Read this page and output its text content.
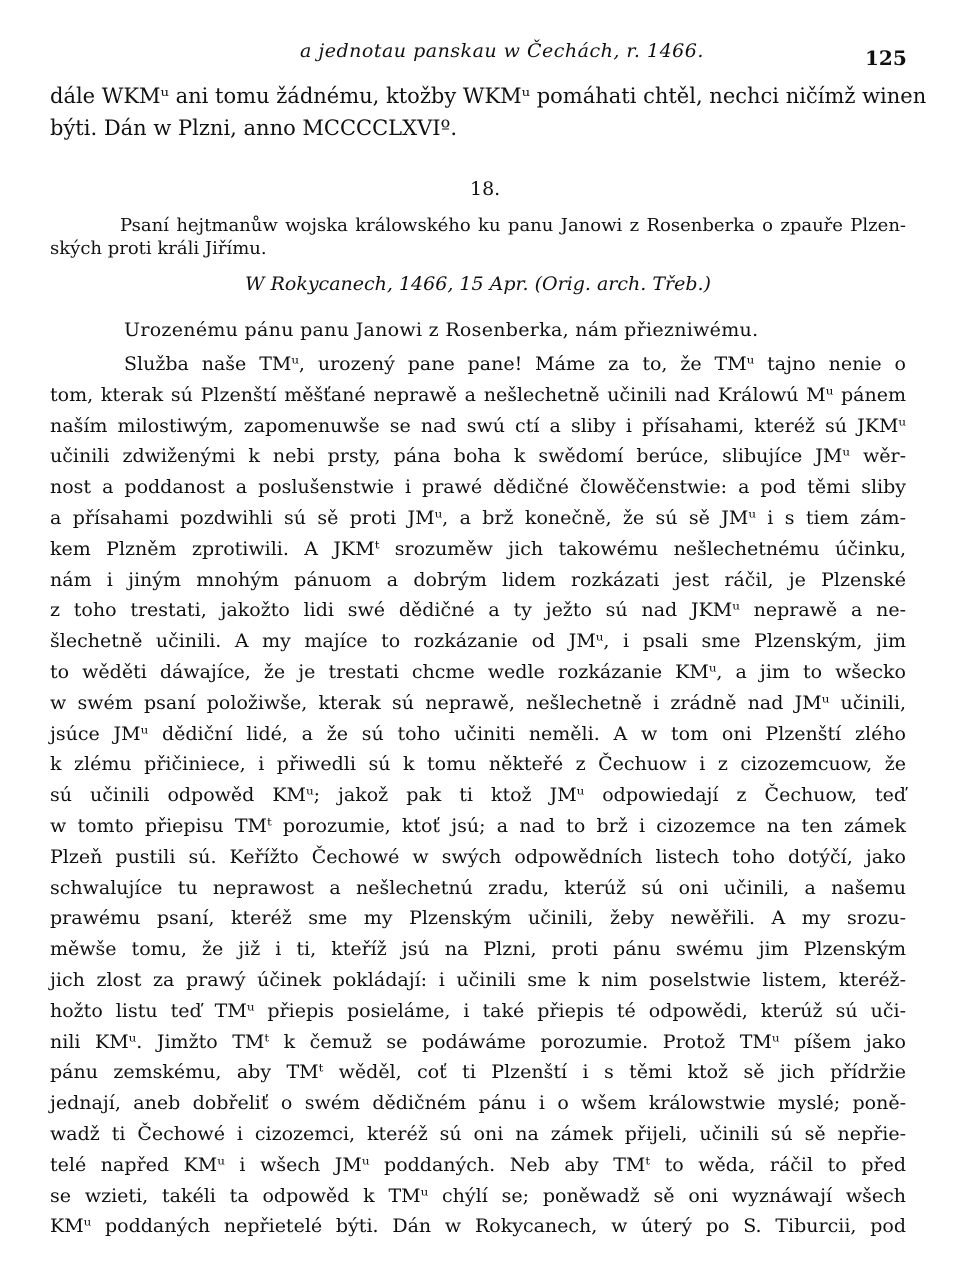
a jednotau panskau w Čechách, r. 1466.	125
dále WKMᵘ ani tomu žádnému, ktožby WKMᵘ pomáhati chtěl, nechci ničímž winen
býti. Dán w Plzni, anno MCCCCLXVIº.
18.
Psaní hejtmanůw wojska králowského ku panu Janowi z Rosenberka o zpauře Plzen-
ských proti králi Jiřímu.
W Rokycanech, 1466, 15 Apr. (Orig. arch. Třeb.)
Urozenému pánu panu Janowi z Rosenberka, nám přiezniwému.
Služba naše TMᵘ, urozený pane pane! Máme za to, že TMᵘ tajno nenie o
tom, kterak sú Plzenští měšťané neprawě a nešlechetně učinili nad Králowú Mᵘ pánem
naším milostiwým, zapomenuwše se nad swú ctí a sliby i přísahami, kteréž sú JKMᵘ
učinili zdwiženými k nebi prsty, pána boha k swědomí berúce, slibujíce JMᵘ wěr-
nost a poddanost a poslušenstwie i prawé dědičné člowěčenstwie: a pod těmi sliby
a přísahami pozdwihli sú sě proti JMᵘ, a brž konečně, že sú sě JMᵘ i s tiem zám-
kem Plzněm zprotiwili. A JKMᵗ srozuměw jich takowému nešlechetnému účinku,
nám i jiným mnohým pánuom a dobrým lidem rozkázati jest ráčil, je Plzenské
z toho trestati, jakožto lidi swé dědičné a ty ježto sú nad JKMᵘ neprawě a ne-
šlechetně učinili. A my majíce to rozkázanie od JMᵘ, i psali sme Plzenským, jim
to wěděti dáwajíce, že je trestati chcme wedle rozkázanie KMᵘ, a jim to wšecko
w swém psaní položiwše, kterak sú neprawě, nešlechetně i zrádně nad JMᵘ učinili,
jsúce JMᵘ dědiční lidé, a že sú toho učiniti neměli. A w tom oni Plzenští zlého
k zlému přičiniece, i přiwedli sú k tomu někteřé z Čechuow i z cizozemcuow, že
sú učinili odpowěd KMᵘ; jakož pak ti ktož JMᵘ odpowiedají z Čechuow, teď
w tomto přiepisu TMᵗ porozumie, ktoť jsú; a nad to brž i cizozemce na ten zámek
Plzeň pustili sú. Keřížto Čechowé w swých odpowědních listech toho dotýčí, jako
schwalujíce tu neprawost a nešlechetnú zradu, kterúž sú oni učinili, a našemu
prawému psaní, kteréž sme my Plzenským učinili, žeby newěřili. A my srozu-
měwše tomu, že již i ti, kteříž jsú na Plzni, proti pánu swému jim Plzenským
jich zlost za prawý účinek pokládají: i učinili sme k nim poselstwie listem, kteréž-
hožto listu teď TMᵘ přiepis posieláme, i také přiepis té odpowědi, kterúž sú uči-
nili KMᵘ. Jimžto TMᵗ k čemuž se podáwáme porozumie. Protož TMᵘ píšem jako
pánu zemskému, aby TMᵗ wěděl, coť ti Plzenští i s těmi ktož sě jich přídržie
jednají, aneb dobřeliť o swém dědičném pánu i o wšem králowstwie myslé; poně-
wadž ti Čechowé i cizozemci, kteréž sú oni na zámek přijeli, učinili sú sě nepřie-
telé napřed KMᵘ i wšech JMᵘ poddaných. Neb aby TMᵗ to wěda, ráčil to před
se wzieti, takéli ta odpowěd k TMᵘ chýlí se; poněwadž sě oni wyznáwají wšech
KMᵘ poddaných nepřietelé býti. Dán w Rokycanech, w úterý po S. Tiburcii, pod
